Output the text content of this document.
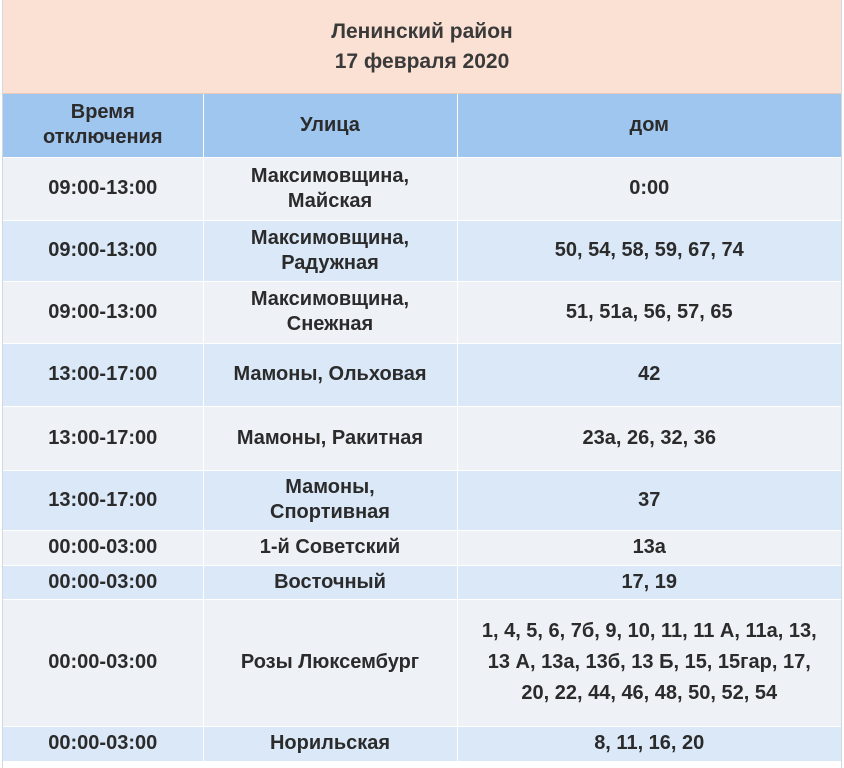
Ленинский район
17 февраля 2020
Время отключения	Улица	дом
09:00-13:00	Максимовщина, Майская	0:00
09:00-13:00	Максимовщина, Радужная	50, 54, 58, 59, 67, 74
09:00-13:00	Максимовщина, Снежная	51, 51а, 56, 57, 65
13:00-17:00	Мамоны, Ольховая	42
13:00-17:00	Мамоны, Ракитная	23а, 26, 32, 36
13:00-17:00	Мамоны, Спортивная	37
00:00-03:00	1-й Советский	13а
00:00-03:00	Восточный	17, 19
00:00-03:00	Розы Люксембург	1, 4, 5, 6, 7б, 9, 10, 11, 11 А, 11а, 13, 13 А, 13а, 13б, 13 Б, 15, 15гар, 17, 20, 22, 44, 46, 48, 50, 52, 54
00:00-03:00	Норильская	8, 11, 16, 20
